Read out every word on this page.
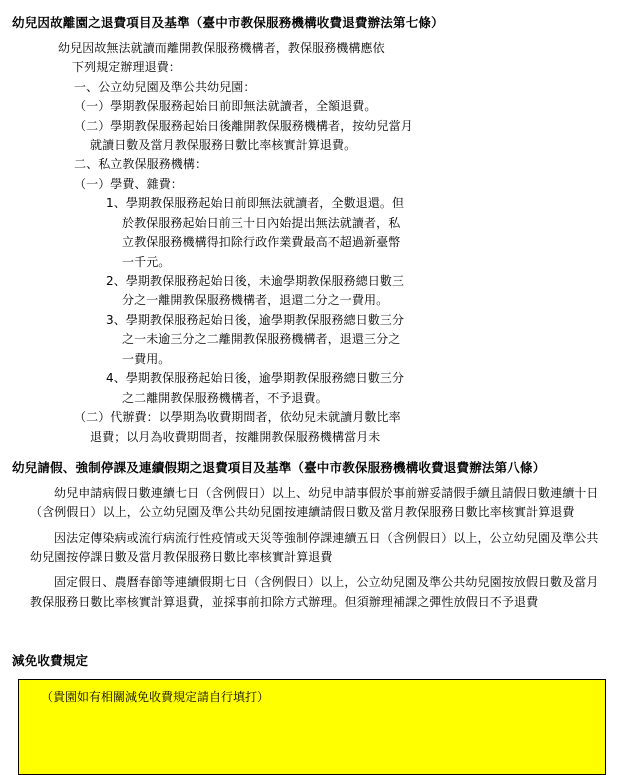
幼兒因故離園之退費項目及基準（臺中市教保服務機構收費退費辦法第七條）
幼兒因故無法就讀而離開教保服務機構者，教保服務機構應依
下列規定辦理退費：
一、公立幼兒園及準公共幼兒園：
（一）學期教保服務起始日前即無法就讀者，全額退費。
（二）學期教保服務起始日後離開教保服務機構者，按幼兒當月
就讀日數及當月教保服務日數比率核實計算退費。
二、私立教保服務機構：
（一）學費、雜費：
1、學期教保服務起始日前即無法就讀者，全數退還。但
於教保服務起始日前三十日內始提出無法就讀者，私
立教保服務機構得扣除行政作業費最高不超過新臺幣
一千元。
2、學期教保服務起始日後，未逾學期教保服務總日數三
分之一離開教保服務機構者，退還二分之一費用。
3、學期教保服務起始日後，逾學期教保服務總日數三分
之一未逾三分之二離開教保服務機構者，退還三分之
一費用。
4、學期教保服務起始日後，逾學期教保服務總日數三分
之二離開教保服務機構者，不予退費。
（二）代辦費：以學期為收費期間者，依幼兒未就讀月數比率
退費；以月為收費期間者，按離開教保服務機構當月未
幼兒請假、強制停課及連續假期之退費項目及基準（臺中市教保服務機構收費退費辦法第八條）
幼兒申請病假日數連續七日（含例假日）以上、幼兒申請事假於事前辦妥請假手續且請假日數連續十日（含例假日）以上，公立幼兒園及準公共幼兒園按連續請假日數及當月教保服務日數比率核實計算退費
因法定傳染病或流行病流行性疫情或天災等強制停課連續五日（含例假日）以上，公立幼兒園及準公共幼兒園按停課日數及當月教保服務日數比率核實計算退費
固定假日、農曆春節等連續假期七日（含例假日）以上，公立幼兒園及準公共幼兒園按放假日數及當月教保服務日數比率核實計算退費，並採事前扣除方式辦理。但須辦理補課之彈性放假日不予退費
減免收費規定
（貴園如有相關減免收費規定請自行填打）
